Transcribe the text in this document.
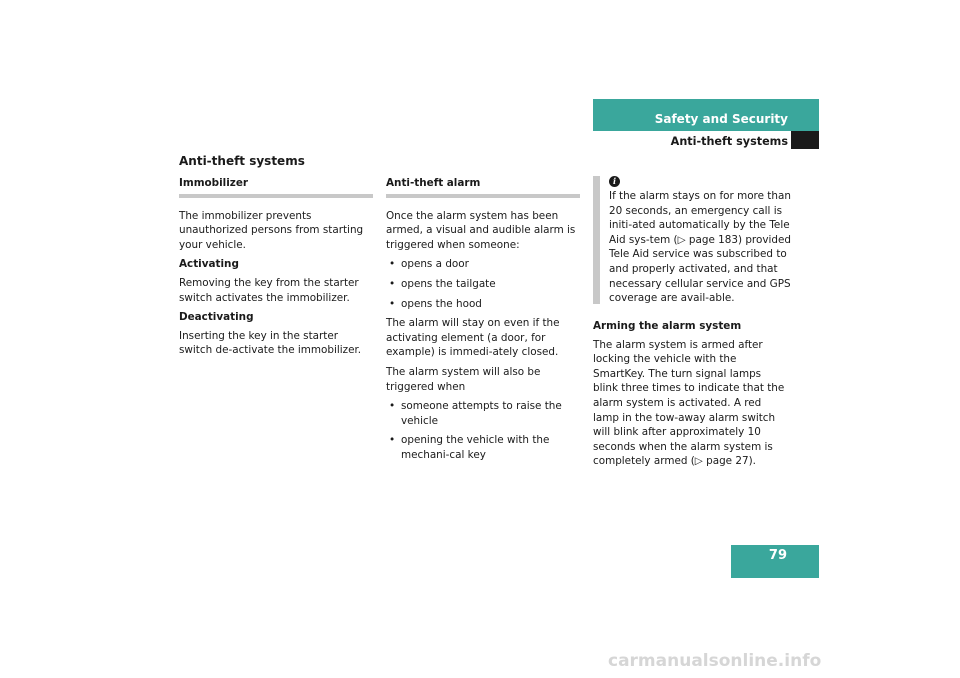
Safety and Security
Anti-theft systems
Anti-theft systems
Immobilizer

The immobilizer prevents unauthorized persons from starting your vehicle.

Activating

Removing the key from the starter switch activates the immobilizer.

Deactivating

Inserting the key in the starter switch de-activate the immobilizer.

Anti-theft alarm

Once the alarm system has been armed, a visual and audible alarm is triggered when someone:

• opens a door
• opens the tailgate
• opens the hood

The alarm will stay on even if the activating element (a door, for example) is immedi-ately closed.

The alarm system will also be triggered when

• someone attempts to raise the vehicle
• opening the vehicle with the mechani-cal key
i

If the alarm stays on for more than 20 seconds, an emergency call is initi-ated automatically by the Tele Aid sys-tem (▷ page 183) provided Tele Aid service was subscribed to and properly activated, and that necessary cellular service and GPS coverage are avail-able.

Arming the alarm system

The alarm system is armed after locking the vehicle with the SmartKey. The turn signal lamps blink three times to indicate that the alarm system is activated. A red lamp in the tow-away alarm switch will blink after approximately 10 seconds when the alarm system is completely armed (▷ page 27).

79
carmanualsonline.info
